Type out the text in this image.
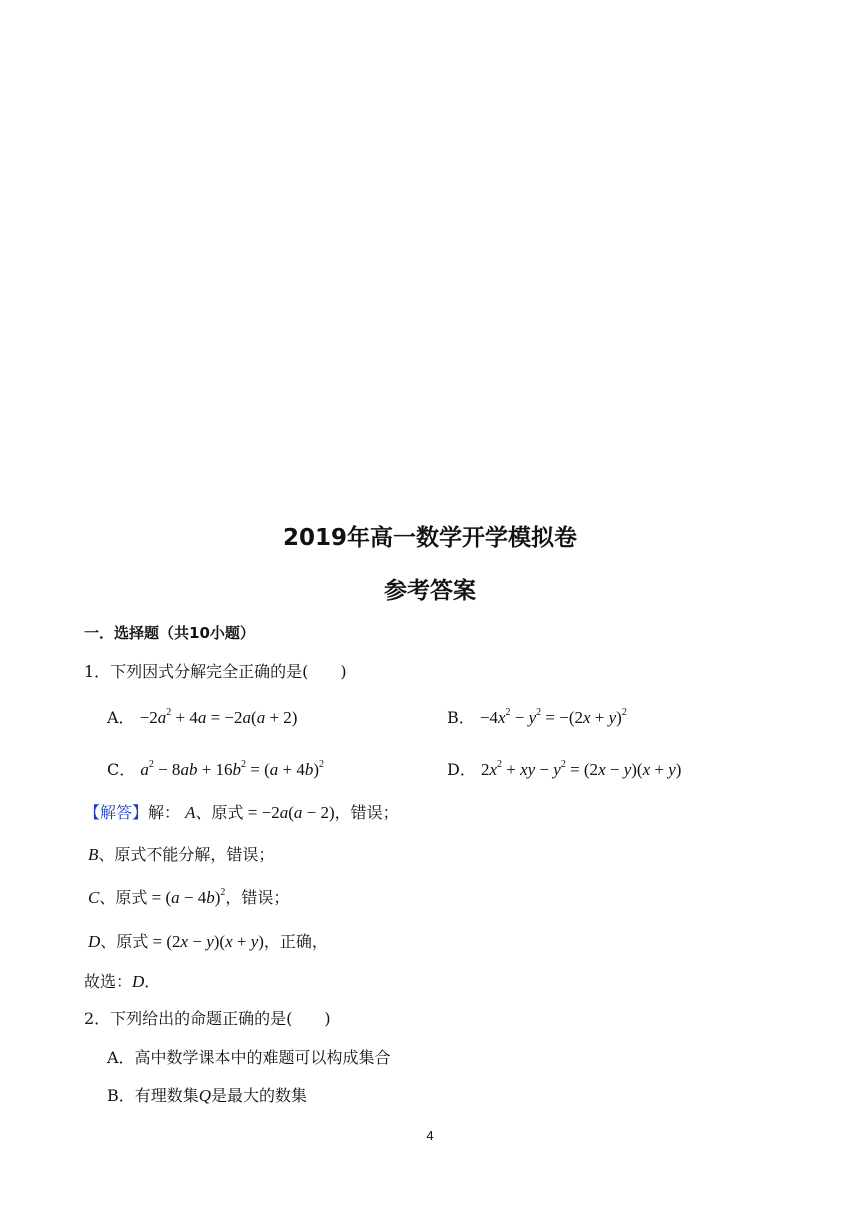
2019年高一数学开学模拟卷
参考答案
一．选择题（共10小题）
1．下列因式分解完全正确的是(　　)
A． $-2a^2 + 4a = -2a(a + 2)$	B． $-4x^2 - y^2 = -(2x + y)^2$
C． $a^2 - 8ab + 16b^2 = (a + 4b)^2$	D． $2x^2$ + xy − $y^2 = (2x - y)(x + y)$
【解答】解： A、原式 = −2a(a − 2)，错误；
B、原式不能分解，错误；
C、原式 = $(a - 4b)^2$，错误；
D、原式 = (2x − y)(x + y)，正确，
故选：D．
2．下列给出的命题正确的是(　　)
A．高中数学课本中的难题可以构成集合
B．有理数集Q是最大的数集
4
